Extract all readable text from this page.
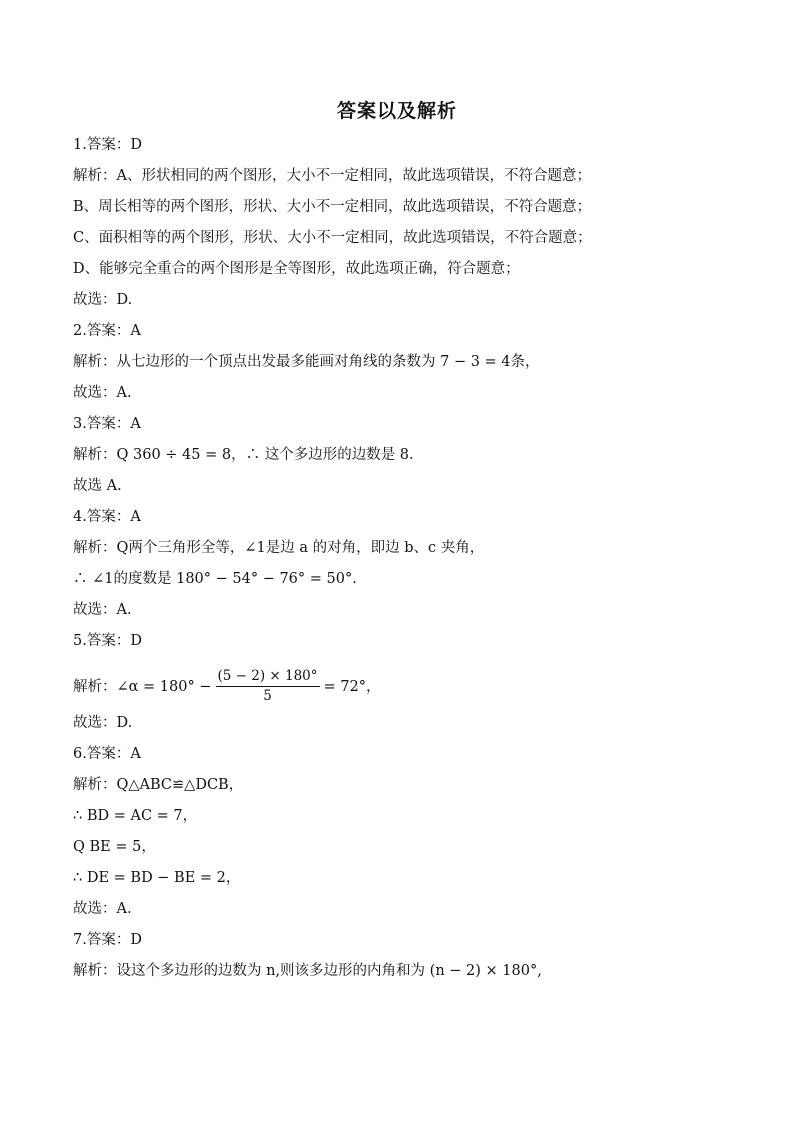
答案以及解析
1.答案：D
解析：A、形状相同的两个图形，大小不一定相同，故此选项错误，不符合题意；
B、周长相等的两个图形，形状、大小不一定相同，故此选项错误，不符合题意；
C、面积相等的两个图形，形状、大小不一定相同，故此选项错误，不符合题意；
D、能够完全重合的两个图形是全等图形，故此选项正确，符合题意；
故选：D.
2.答案：A
解析：从七边形的一个顶点出发最多能画对角线的条数为 7 − 3 = 4条，
故选：A.
3.答案：A
解析：Q 360 ÷ 45 = 8，∴ 这个多边形的边数是 8.
故选 A.
4.答案：A
解析：Q两个三角形全等，∠1是边 a 的对角，即边 b、c 夹角，
∴ ∠1的度数是 180° − 54° − 76° = 50°.
故选：A.
5.答案：D
解析：∠α = $180^\circ - \frac{(5 - 2) \times 180^\circ}{5} = 72^\circ$，
故选：D.
6.答案：A
解析：Q△ABC≌△DCB，
∴ BD = AC = 7，
Q BE = 5，
∴ DE = BD − BE = 2，
故选：A.
7.答案：D
解析：设这个多边形的边数为 n,则该多边形的内角和为 (n − 2) × 180°,
